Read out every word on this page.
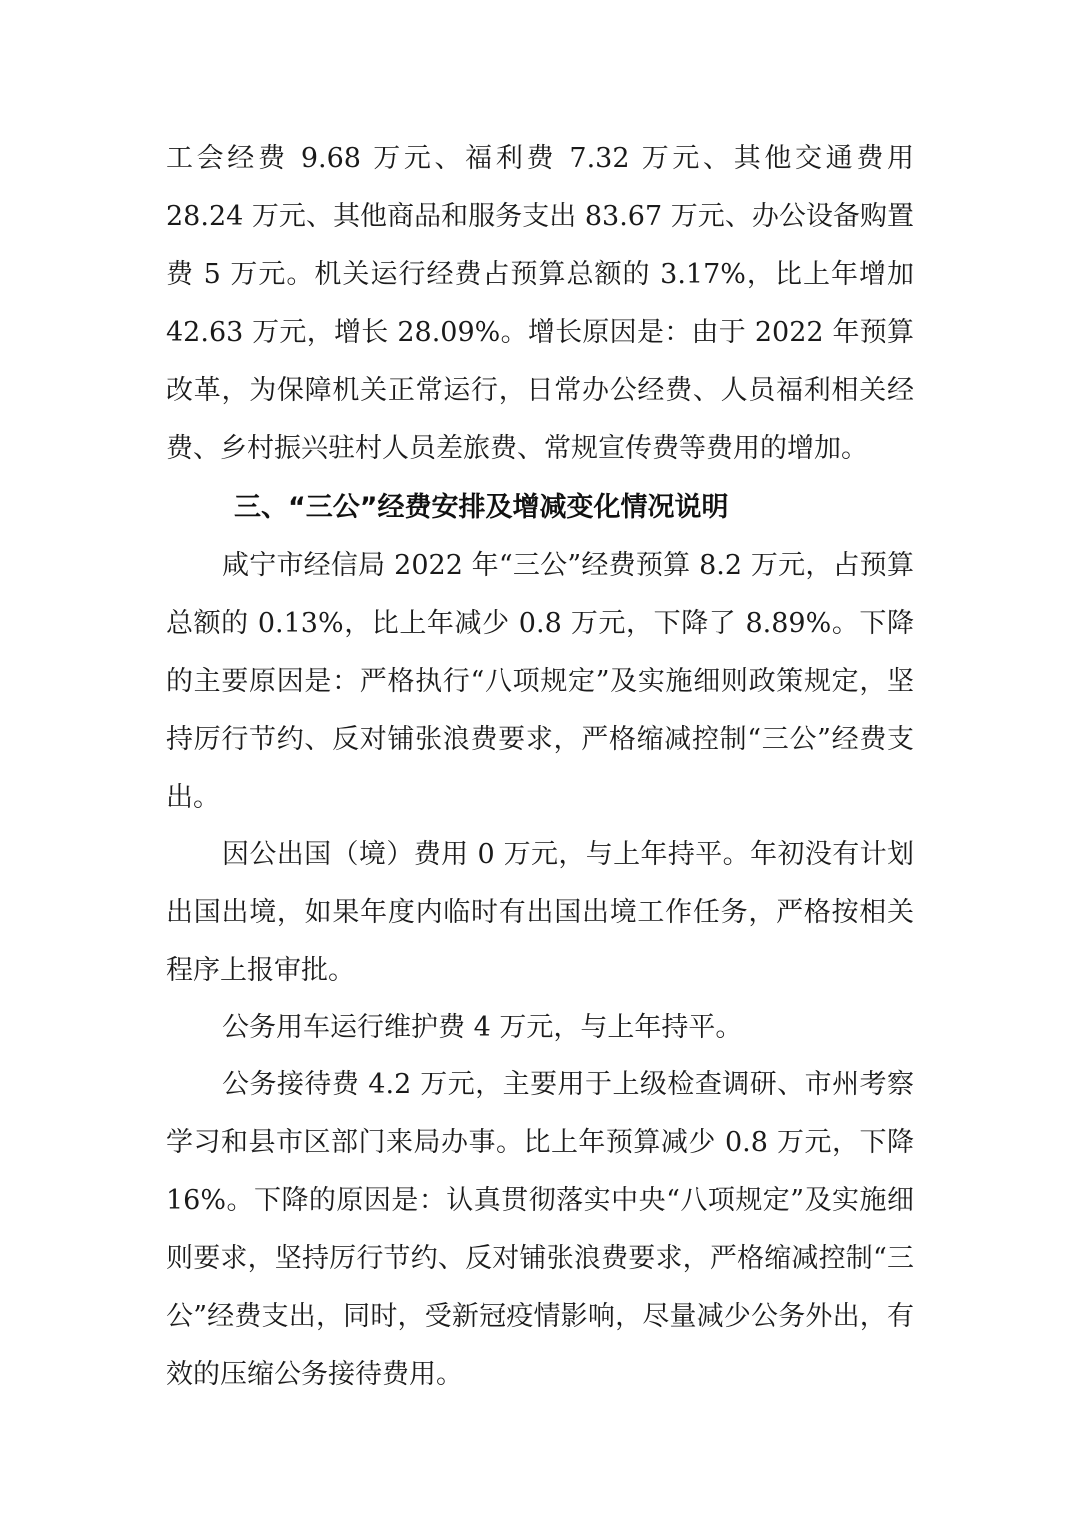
工会经费 9.68 万元、福利费 7.32 万元、其他交通费用 28.24 万元、其他商品和服务支出 83.67 万元、办公设备购置费 5 万元。机关运行经费占预算总额的 3.17%，比上年增加 42.63 万元，增长 28.09%。增长原因是：由于 2022 年预算改革，为保障机关正常运行，日常办公经费、人员福利相关经费、乡村振兴驻村人员差旅费、常规宣传费等费用的增加。

三、“三公”经费安排及增减变化情况说明

咸宁市经信局 2022 年“三公”经费预算 8.2 万元，占预算总额的 0.13%，比上年减少 0.8 万元，下降了 8.89%。下降的主要原因是：严格执行“八项规定”及实施细则政策规定，坚持厉行节约、反对铺张浪费要求，严格缩减控制“三公”经费支出。

因公出国（境）费用 0 万元，与上年持平。年初没有计划出国出境，如果年度内临时有出国出境工作任务，严格按相关程序上报审批。

公务用车运行维护费 4 万元，与上年持平。

公务接待费 4.2 万元，主要用于上级检查调研、市州考察学习和县市区部门来局办事。比上年预算减少 0.8 万元，下降 16%。下降的原因是：认真贯彻落实中央“八项规定”及实施细则要求，坚持厉行节约、反对铺张浪费要求，严格缩减控制“三公”经费支出，同时，受新冠疫情影响，尽量减少公务外出，有效的压缩公务接待费用。
